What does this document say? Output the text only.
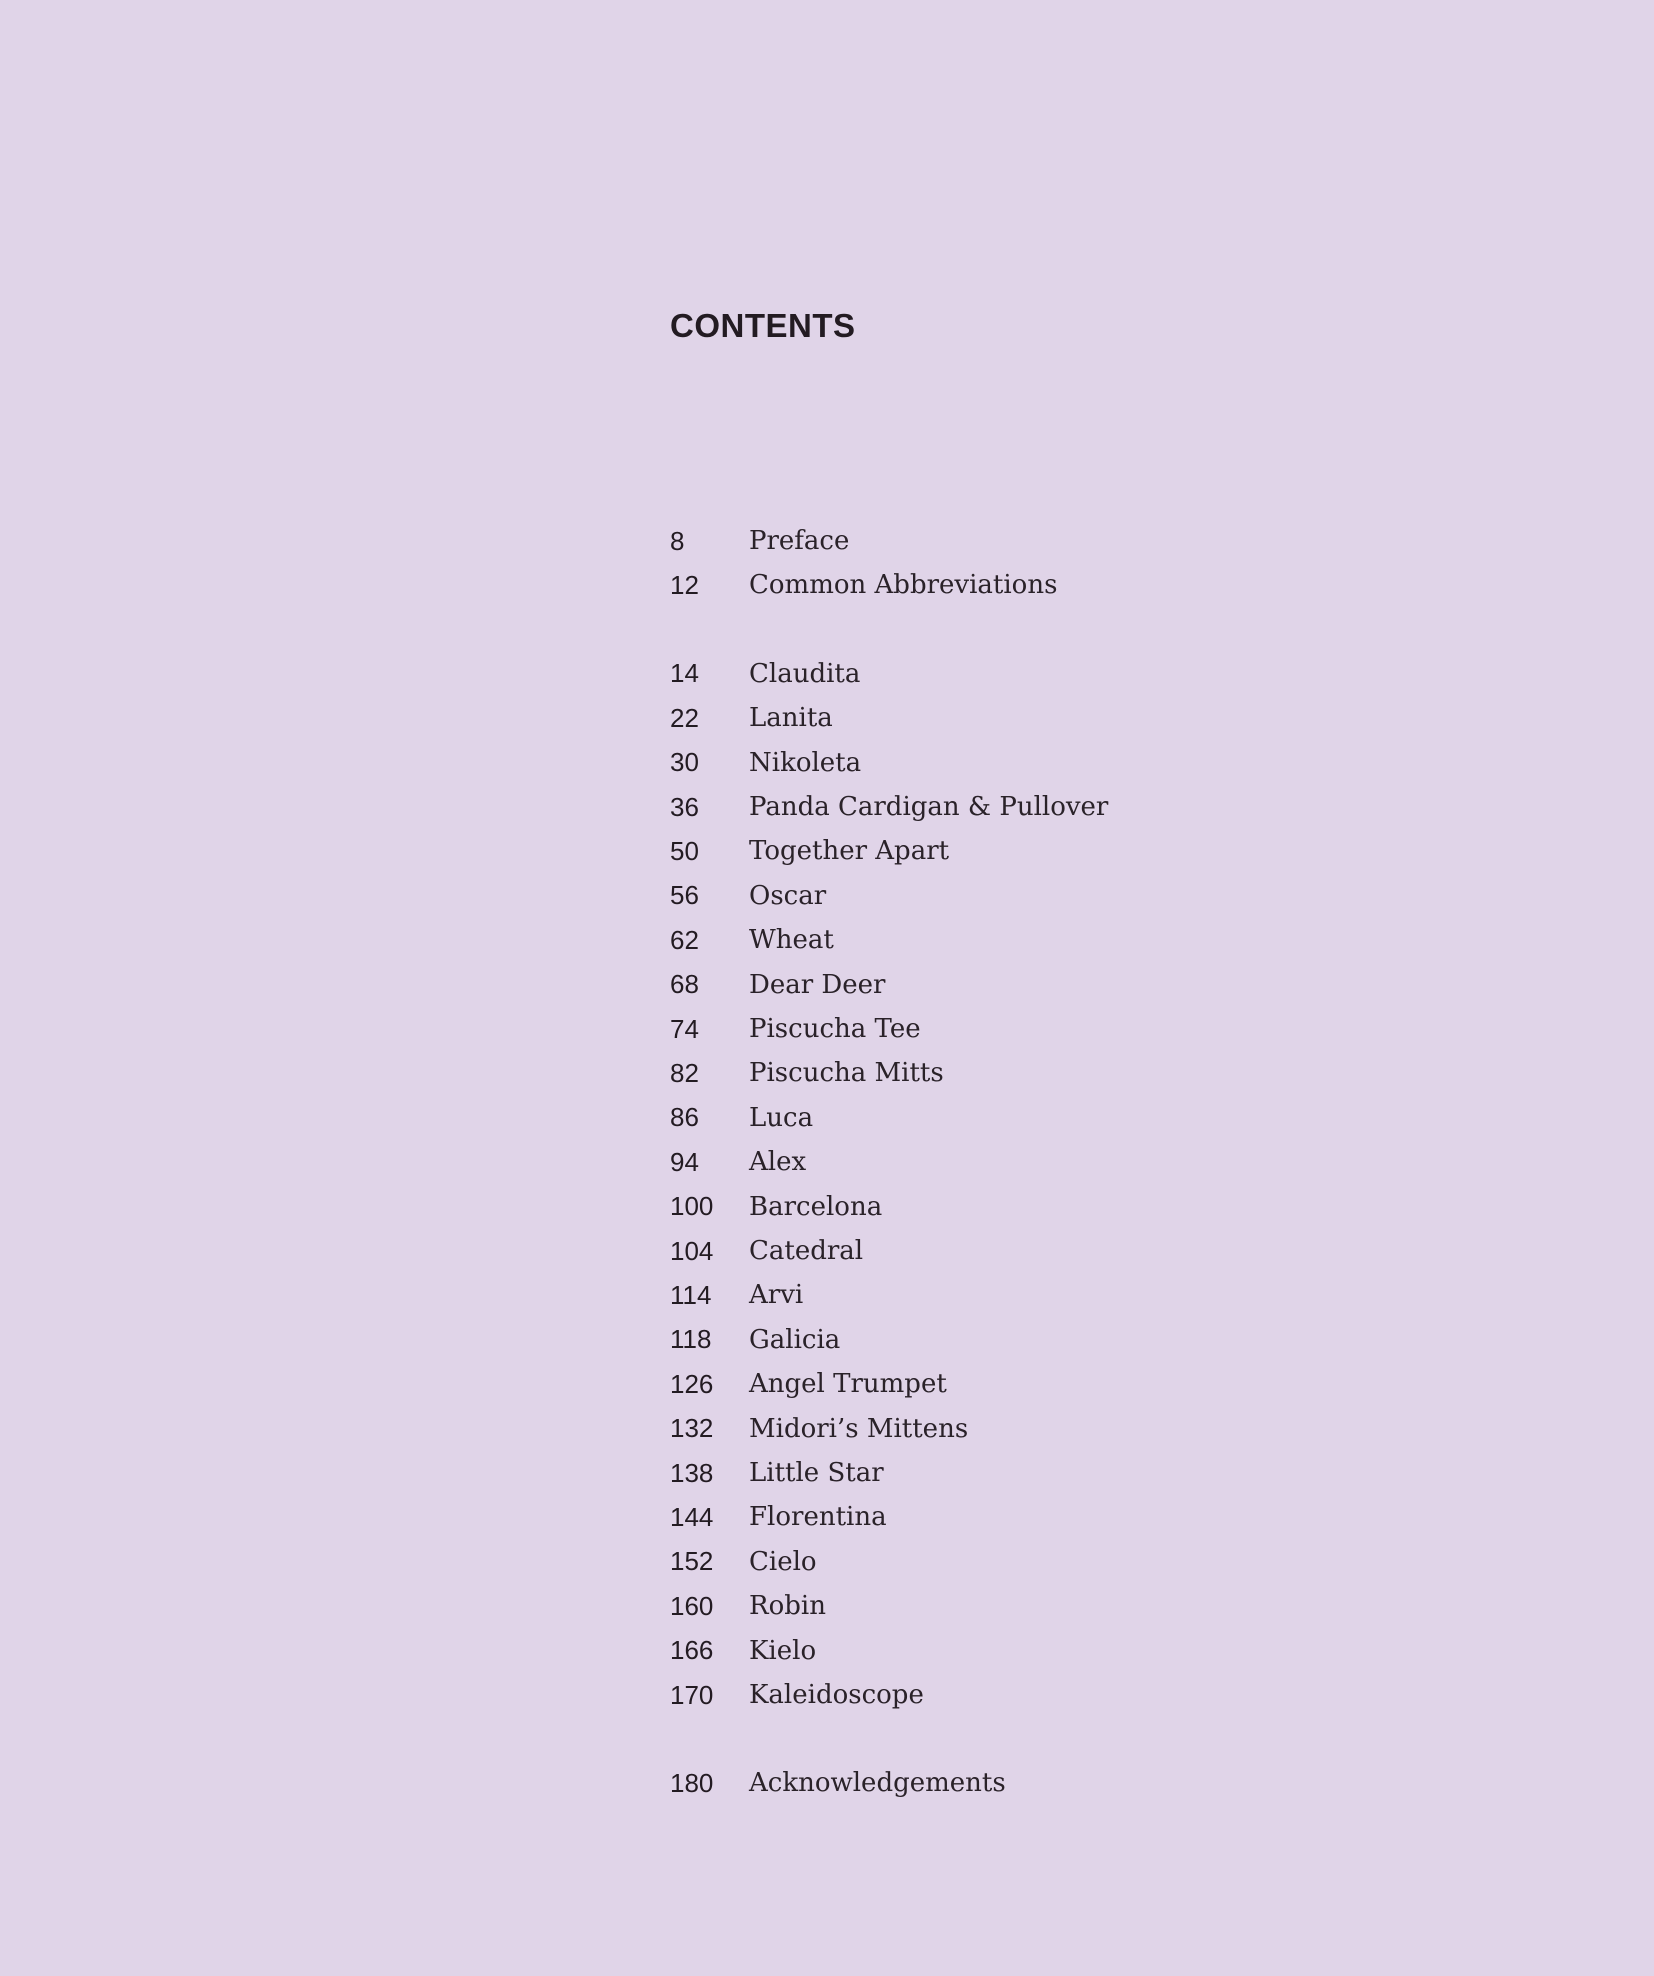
CONTENTS
8	Preface
12	Common Abbreviations
14	Claudita
22	Lanita
30	Nikoleta
36	Panda Cardigan & Pullover
50	Together Apart
56	Oscar
62	Wheat
68	Dear Deer
74	Piscucha Tee
82	Piscucha Mitts
86	Luca
94	Alex
100	Barcelona
104	Catedral
114	Arvi
118	Galicia
126	Angel Trumpet
132	Midori’s Mittens
138	Little Star
144	Florentina
152	Cielo
160	Robin
166	Kielo
170	Kaleidoscope
180	Acknowledgements
